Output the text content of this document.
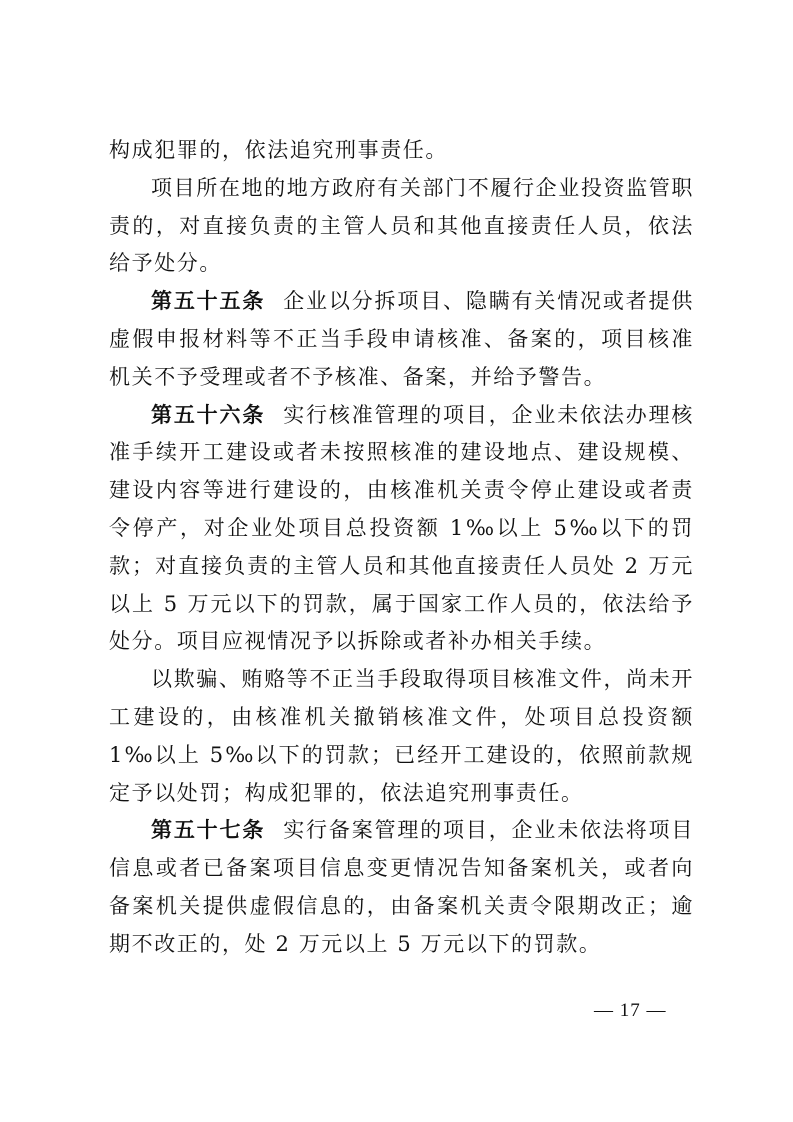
构成犯罪的，依法追究刑事责任。

项目所在地的地方政府有关部门不履行企业投资监管职责的，对直接负责的主管人员和其他直接责任人员，依法给予处分。

第五十五条 企业以分拆项目、隐瞒有关情况或者提供虚假申报材料等不正当手段申请核准、备案的，项目核准机关不予受理或者不予核准、备案，并给予警告。

第五十六条 实行核准管理的项目，企业未依法办理核准手续开工建设或者未按照核准的建设地点、建设规模、建设内容等进行建设的，由核准机关责令停止建设或者责令停产，对企业处项目总投资额 1‰以上 5‰以下的罚款；对直接负责的主管人员和其他直接责任人员处 2 万元以上 5 万元以下的罚款，属于国家工作人员的，依法给予处分。项目应视情况予以拆除或者补办相关手续。

以欺骗、贿赂等不正当手段取得项目核准文件，尚未开工建设的，由核准机关撤销核准文件，处项目总投资额 1‰以上 5‰以下的罚款；已经开工建设的，依照前款规定予以处罚；构成犯罪的，依法追究刑事责任。

第五十七条 实行备案管理的项目，企业未依法将项目信息或者已备案项目信息变更情况告知备案机关，或者向备案机关提供虚假信息的，由备案机关责令限期改正；逾期不改正的，处 2 万元以上 5 万元以下的罚款。

— 17 —
